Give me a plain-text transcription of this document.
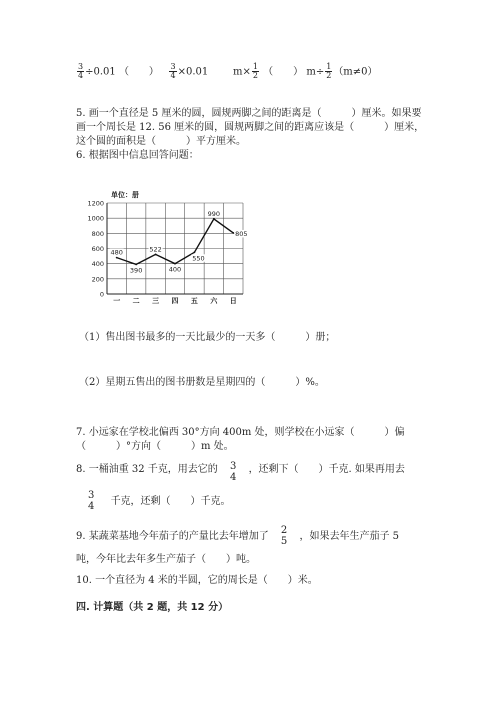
$\frac{3}{4} \div 0.01$ （　　） $\frac{3}{4} \times 0.01$ $m\times \frac{1}{2}$ （　　） $m\div \frac{1}{2} (m\ne 0)$
5. 画一个直径是 5 厘米的圆，圆规两脚之间的距离是（　　　）厘米。如果要
画一个周长是 12. 56 厘米的圆，圆规两脚之间的距离应该是（　　　）厘米，
这个圆的面积是（　　　）平方厘米。
6. 根据图中信息回答问题：
0
200
400
600
800
1000
1200
一 二 三 四 五 六 日
480
390
522
400
550
990
805
单位：册
（1）售出图书最多的一天比最少的一天多（　　　）册；
（2）星期五售出的图书册数是星期四的（　　　）%。
7. 小远家在学校北偏西 30°方向 400m 处，则学校在小远家（　　　）偏
（　　　）°方向（　　　）m 处。
8. 一桶油重 32 千克，用去它的 3
4
，还剩下（　　）千克. 如果再用去
3
4 千克，还剩（　　）千克。
9. 某蔬菜基地今年茄子的产量比去年增加了
2
5 ，如果去年生产茄子 5
吨，今年比去年多生产茄子（　　）吨。
10. 一个直径为 4 米的半圆，它的周长是（　　）米。
四. 计算题（共 2 题，共 12 分）
